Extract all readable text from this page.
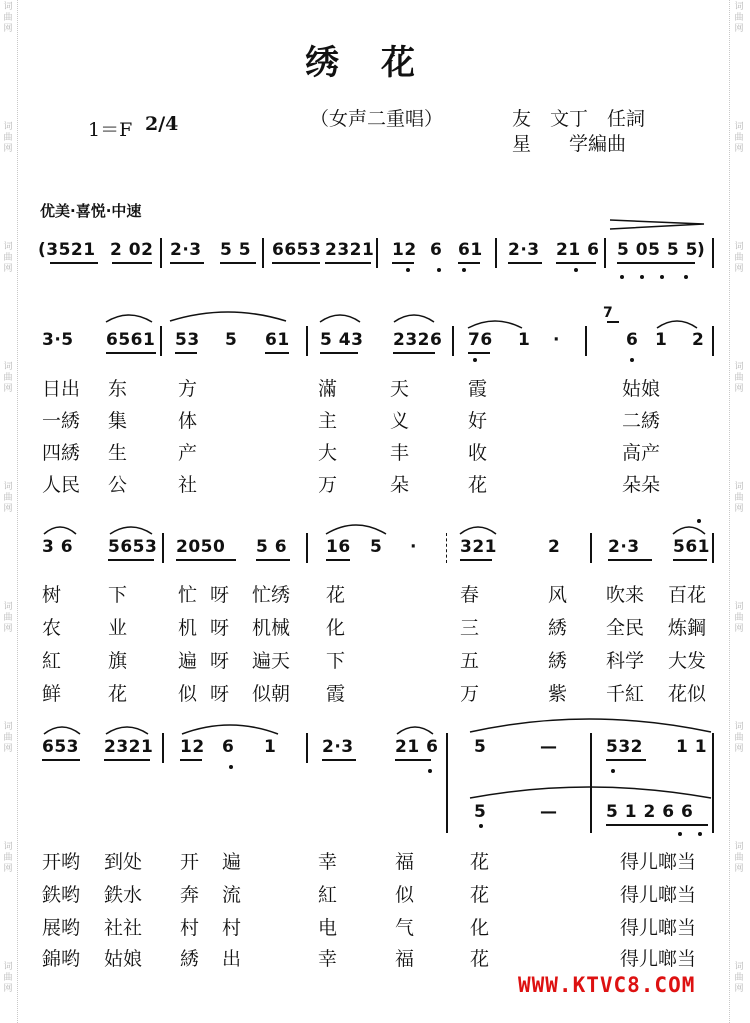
词曲网
词曲网
词曲网
词曲网
词曲网
词曲网
词曲网
词曲网
词曲网
词曲网
词曲网
词曲网
词曲网
词曲网
词曲网
词曲网
词曲网
词曲网
绣　花
1＝F 2/4	（女声二重唱）	友　文丁　任詞
星　　学編曲
优美·喜悦·中速
(3521 2 02 2·3 5 5 6653 2321 12 6 61 2·3 21 6 5 05 5 5 )
3·5 6561 53 5 61 5 43 2326 76 1 ·
7
6 1 2
日出 东	方	滿	天	霞	姑娘
一綉 集	体	主	义	好	二綉
四綉 生	产	大	丰	收	高产
人民 公	社	万	朵	花	朵朵
3 6 5653 2050 5 6 16 5 ·	321	2	2·3 561
树 下	忙 呀 忙绣 花	春	风 吹来 百花
农 业	机 呀 机械 化	三	綉 全民 炼鋼
紅 旗	遍 呀 遍天 下	五	綉 科学 大发
鲜 花	似 呀 似朝 霞	万	紫 千紅 花似
653 2321 12 6 1	2·3 21 6 5	—	532 1 1
5	—	5 1 2 6 6
开哟 到处 开 遍	幸	福	花	得儿啷当
鉄哟 鉄水 奔 流	紅	似	花	得儿啷当
展哟 社社 村 村	电	气	化	得儿啷当
錦哟 姑娘 綉 出	幸	福	花	得儿啷当
WWW.KTVC8.COM
